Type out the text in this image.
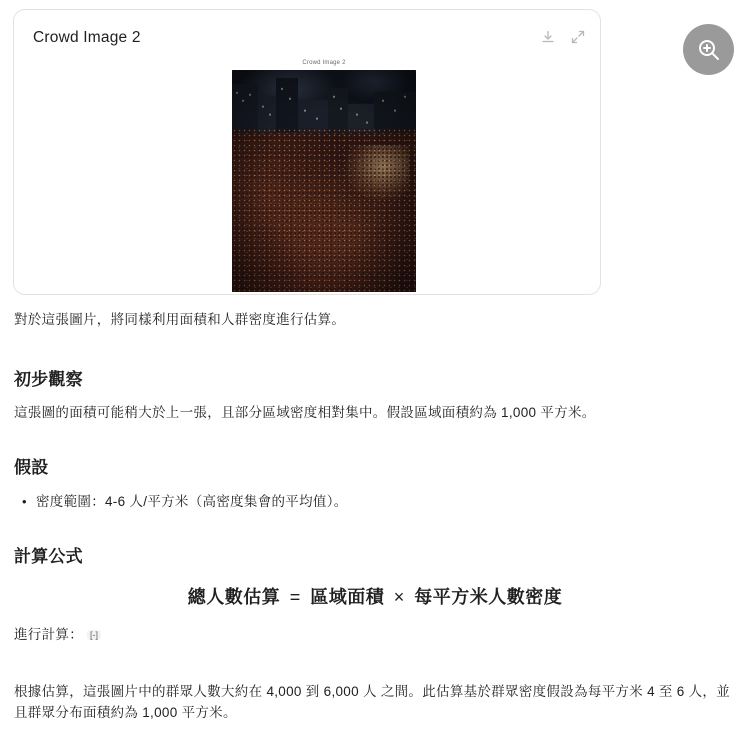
Crowd Image 2
Crowd Image 2

對於這張圖片，將同樣利用面積和人群密度進行估算。

初步觀察

這張圖的面積可能稍大於上一張，且部分區域密度相對集中。假設區域面積約為 1,000 平方米。

假設
• 密度範圍：4-6 人/平方米（高密度集會的平均值）。
計算公式
總人數估算 = 區域面積 × 每平方米人數密度
進行計算： [-]

根據估算，這張圖片中的群眾人數大約在 4,000 到 6,000 人 之間。此估算基於群眾密度假設為每平方米 4 至 6 人，並且群眾分布面積約為 1,000 平方米。
